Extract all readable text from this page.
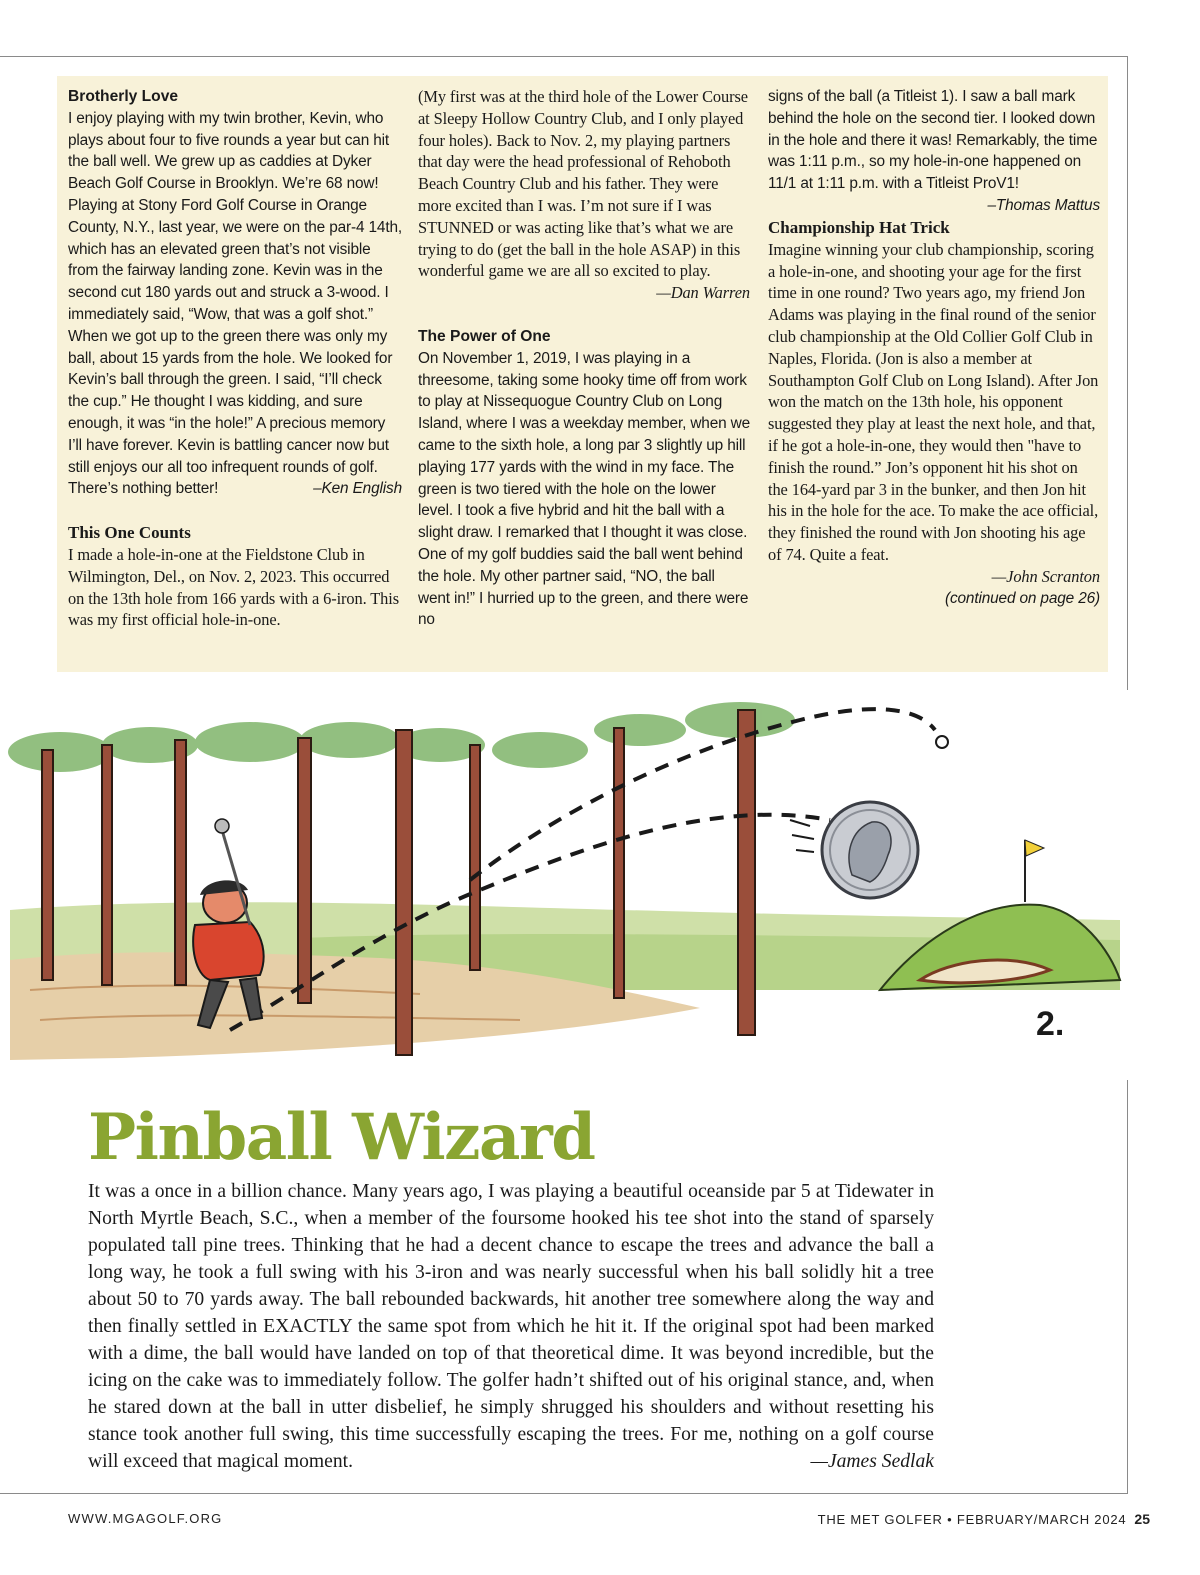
Brotherly Love

I enjoy playing with my twin brother, Kevin, who plays about four to five rounds a year but can hit the ball well. We grew up as caddies at Dyker Beach Golf Course in Brooklyn. We’re 68 now! Playing at Stony Ford Golf Course in Orange County, N.Y., last year, we were on the par-4 14th, which has an elevated green that’s not visible from the fairway landing zone. Kevin was in the second cut 180 yards out and struck a 3-wood. I immediately said, “Wow, that was a golf shot.” When we got up to the green there was only my ball, about 15 yards from the hole. We looked for Kevin’s ball through the green. I said, “I’ll check the cup.” He thought I was kidding, and sure enough, it was “in the hole!” A precious memory I’ll have forever. Kevin is battling cancer now but still enjoys our all too infrequent rounds of golf. There’s nothing better!	–Ken English

This One Counts

I made a hole-in-one at the Fieldstone Club in Wilmington, Del., on Nov. 2, 2023. This occurred on the 13th hole from 166 yards with a 6-iron. This was my first official hole-in-one.

(My first was at the third hole of the Lower Course at Sleepy Hollow Country Club, and I only played four holes). Back to Nov. 2, my playing partners that day were the head professional of Rehoboth Beach Country Club and his father. They were more excited than I was. I’m not sure if I was STUNNED or was acting like that’s what we are trying to do (get the ball in the hole ASAP) in this wonderful game we are all so excited to play.

—Dan Warren

The Power of One

On November 1, 2019, I was playing in a threesome, taking some hooky time off from work to play at Nissequogue Country Club on Long Island, where I was a weekday member, when we came to the sixth hole, a long par 3 slightly up hill playing 177 yards with the wind in my face. The green is two tiered with the hole on the lower level. I took a five hybrid and hit the ball with a slight draw. I remarked that I thought it was close. One of my golf buddies said the ball went behind the hole. My other partner said, “NO, the ball went in!” I hurried up to the green, and there were no

signs of the ball (a Titleist 1). I saw a ball mark behind the hole on the second tier. I looked down in the hole and there it was! Remarkably, the time was 1:11 p.m., so my hole-in-one happened on 11/1 at 1:11 p.m. with a Titleist ProV1!
–Thomas Mattus

Championship Hat Trick

Imagine winning your club championship, scoring a hole-in-one, and shooting your age for the first time in one round? Two years ago, my friend Jon Adams was playing in the final round of the senior club championship at the Old Collier Golf Club in Naples, Florida. (Jon is also a member at Southampton Golf Club on Long Island). After Jon won the match on the 13th hole, his opponent suggested they play at least the next hole, and that, if he got a hole-in-one, they would then "have to finish the round.” Jon’s opponent hit his shot on the 164-yard par 3 in the bunker, and then Jon hit his in the hole for the ace. To make the ace official, they finished the round with Jon shooting his age of 74. Quite a feat.

—John Scranton

(continued on page 26)

2.
Pinball Wizard

It was a once in a billion chance. Many years ago, I was playing a beautiful oceanside par 5 at Tidewater in North Myrtle Beach, S.C., when a member of the foursome hooked his tee shot into the stand of sparsely populated tall pine trees. Thinking that he had a decent chance to escape the trees and advance the ball a long way, he took a full swing with his 3-iron and was nearly successful when his ball solidly hit a tree about 50 to 70 yards away. The ball rebounded backwards, hit another tree somewhere along the way and then finally settled in EXACTLY the same spot from which he hit it. If the original spot had been marked with a dime, the ball would have landed on top of that theoretical dime. It was beyond incredible, but the icing on the cake was to immediately follow. The golfer hadn’t shifted out of his original stance, and, when he stared down at the ball in utter disbelief, he simply shrugged his shoulders and without resetting his stance took another full swing, this time successfully escaping the trees. For me, nothing on a golf course will exceed that magical moment.	—James Sedlak

WWW.MGAGOLF.ORG	THE MET GOLFER • FEBRUARY/MARCH 2024 25
